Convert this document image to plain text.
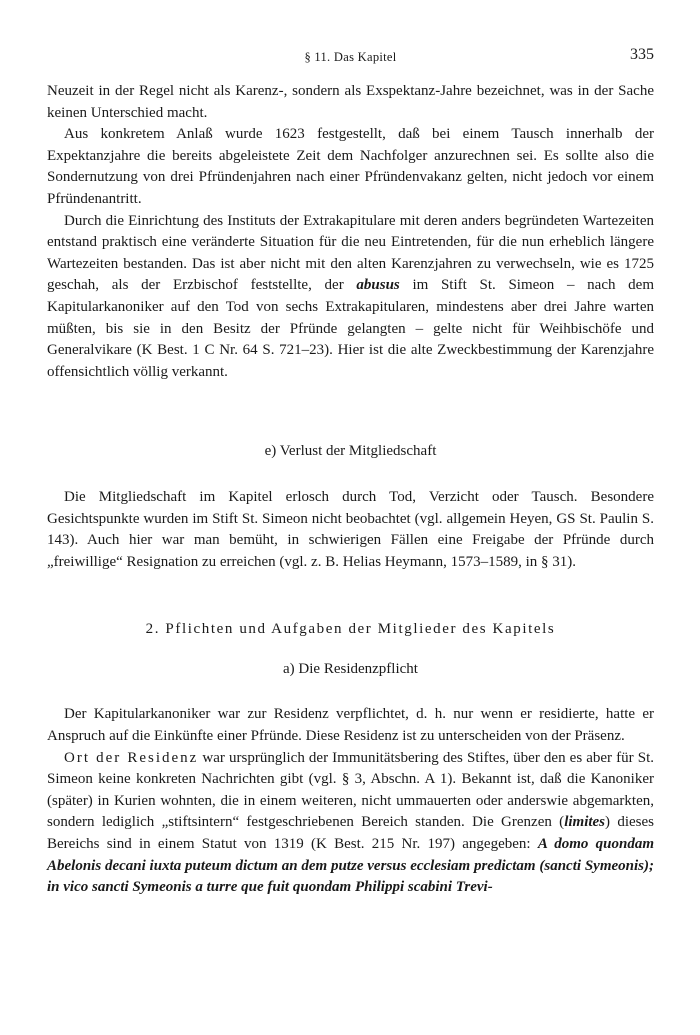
§ 11. Das Kapitel	335

Neuzeit in der Regel nicht als Karenz-, sondern als Exspektanz-Jahre bezeichnet, was in der Sache keinen Unterschied macht.

Aus konkretem Anlaß wurde 1623 festgestellt, daß bei einem Tausch innerhalb der Expektanzjahre die bereits abgeleistete Zeit dem Nachfolger anzurechnen sei. Es sollte also die Sondernutzung von drei Pfründenjahren nach einer Pfründenvakanz gelten, nicht jedoch vor einem Pfründenantritt.

Durch die Einrichtung des Instituts der Extrakapitulare mit deren anders begründeten Wartezeiten entstand praktisch eine veränderte Situation für die neu Eintretenden, für die nun erheblich längere Wartezeiten bestanden. Das ist aber nicht mit den alten Karenzjahren zu verwechseln, wie es 1725 geschah, als der Erzbischof feststellte, der abusus im Stift St. Simeon – nach dem Kapitularkanoniker auf den Tod von sechs Extrakapitularen, mindestens aber drei Jahre warten müßten, bis sie in den Besitz der Pfründe gelangten – gelte nicht für Weihbischöfe und Generalvikare (K Best. 1 C Nr. 64 S. 721–23). Hier ist die alte Zweckbestimmung der Karenzjahre offensichtlich völlig verkannt.

e) Verlust der Mitgliedschaft

Die Mitgliedschaft im Kapitel erlosch durch Tod, Verzicht oder Tausch. Besondere Gesichtspunkte wurden im Stift St. Simeon nicht beobachtet (vgl. allgemein Heyen, GS St. Paulin S. 143). Auch hier war man bemüht, in schwierigen Fällen eine Freigabe der Pfründe durch „freiwillige“ Resignation zu erreichen (vgl. z. B. Helias Heymann, 1573–1589, in § 31).

2. Pflichten und Aufgaben der Mitglieder des Kapitels
a) Die Residenzpflicht

Der Kapitularkanoniker war zur Residenz verpflichtet, d. h. nur wenn er residierte, hatte er Anspruch auf die Einkünfte einer Pfründe. Diese Residenz ist zu unterscheiden von der Präsenz.

Ort der Residenz war ursprünglich der Immunitätsbering des Stiftes, über den es aber für St. Simeon keine konkreten Nachrichten gibt (vgl. § 3, Abschn. A 1). Bekannt ist, daß die Kanoniker (später) in Kurien wohnten, die in einem weiteren, nicht ummauerten oder anderswie abgemarkten, sondern lediglich „stiftsintern“ festgeschriebenen Bereich standen. Die Grenzen (limites) dieses Bereichs sind in einem Statut von 1319 (K Best. 215 Nr. 197) angegeben: A domo quondam Abelonis decani iuxta puteum dictum an dem putze versus ecclesiam predictam (sancti Symeonis); in vico sancti Symeonis a turre que fuit quondam Philippi scabini Trevi-
